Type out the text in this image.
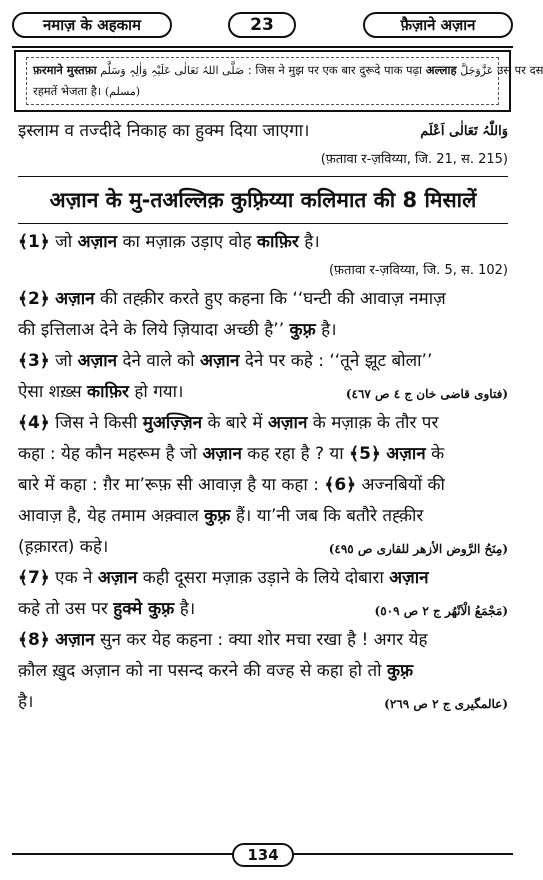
नमाज़ के अहकाम	23	फ़ैज़ाने अज़ान
फ़रमाने मुस्तफ़ा صَلَّی اللہُ تَعَالٰی عَلَیْہِ وَاٰلِہٖ وَسَلَّم : जिस ने मुझ पर एक बार दुरूदे पाक पढ़ा अल्लाह عَزَّوَجَلَّ उस पर दस
रहमतें भेजता है। (مسلم)
इस्लाम व तज्दीदे निकाह का हुक्म दिया जाएगा।	وَاللّٰہُ تَعَالٰی اَعْلَم
(फ़तावा र-ज़विय्या, जि. 21, स. 215)
अज़ान के मु-तअल्लिक़ कुफ़्रिय्या कलिमात की 8 मिसालें
﴾1﴿ जो अज़ान का मज़ाक़ उड़ाए वोह काफ़िर है।
(फ़तावा र-ज़विय्या, जि. 5, स. 102)
﴾2﴿ अज़ान की तह्क़ीर करते हुए कहना कि ‘‘घन्टी की आवाज़ नमाज़
की इत्तिलाअ देने के लिये ज़ियादा अच्छी है’’ कुफ़्र है।
﴾3﴿ जो अज़ान देने वाले को अज़ान देने पर कहे : ‘‘तूने झूट बोला’’
ऐसा शख़्स काफ़िर हो गया।	(فتاوی قاضی خان ج ٤ ص ٤٦٧)
﴾4﴿ जिस ने किसी मुअज़्ज़िन के बारे में अज़ान के मज़ाक़ के तौर पर
कहा : येह कौन महरूम है जो अज़ान कह रहा है ? या ﴾5﴿ अज़ान के
बारे में कहा : ग़ैर मा’रूफ़ सी आवाज़ है या कहा : ﴾6﴿ अज्नबियों की
आवाज़ है, येह तमाम अक़्वाल कुफ़्र हैं। या’नी जब कि बतौरे तह्क़ीर
(ह़क़ारत) कहे।	(مِنَحُ الرَّوض الأزهر للقاری ص ٤٩٥)
﴾7﴿ एक ने अज़ान कही दूसरा मज़ाक़ उड़ाने के लिये दोबारा अज़ान
कहे तो उस पर हुक्मे कुफ़्र है।	(مَجْمَعُ الْاَنْهُر ج ٢ ص ٥٠٩)
﴾8﴿ अज़ान सुन कर येह कहना : क्या शोर मचा रखा है ! अगर येह
क़ौल ख़ुद अज़ान को ना पसन्द करने की वज्ह से कहा हो तो कुफ़्र
है।	(عالمگیری ج ٢ ص ٢٦٩)
134
